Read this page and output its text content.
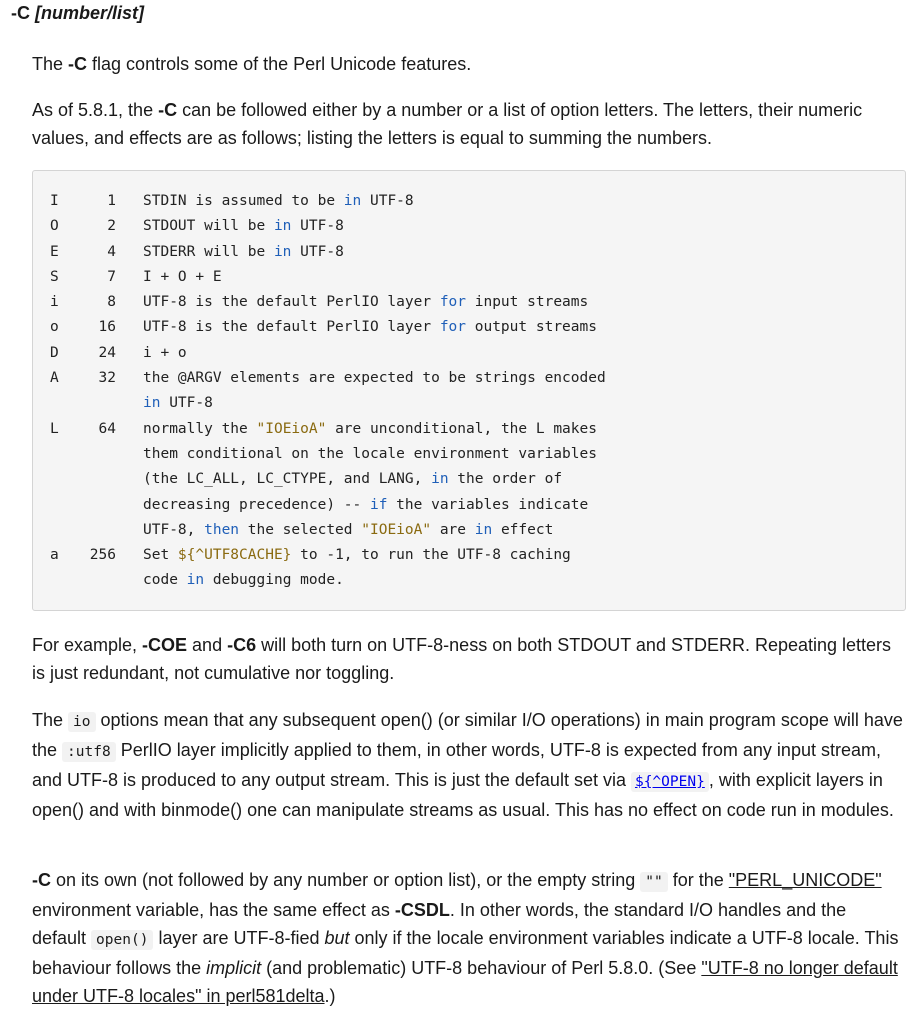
-C [number/list]

The -C flag controls some of the Perl Unicode features.

As of 5.8.1, the -C can be followed either by a number or a list of option letters. The letters, their numeric values, and effects are as follows; listing the letters is equal to summing the numbers.

I	1 STDIN is assumed to be in UTF-8
O	2 STDOUT will be in UTF-8
E	4 STDERR will be in UTF-8
S	7 I + O + E
i	8 UTF-8 is the default PerlIO layer for input streams
o	16 UTF-8 is the default PerlIO layer for output streams
D	24 i + o
A	32 the @ARGV elements are expected to be strings encoded
in UTF-8
L	64 normally the "IOEioA" are unconditional, the L makes
them conditional on the locale environment variables
(the LC_ALL, LC_CTYPE, and LANG, in the order of
decreasing precedence) -- if the variables indicate
UTF-8, then the selected "IOEioA" are in effect
a	256 Set ${^UTF8CACHE} to -1, to run the UTF-8 caching
code in debugging mode.

For example, -COE and -C6 will both turn on UTF-8-ness on both STDOUT and STDERR. Repeating letters is just redundant, not cumulative nor toggling.

The io options mean that any subsequent open() (or similar I/O operations) in main program scope will have the :utf8 PerlIO layer implicitly applied to them, in other words, UTF-8 is expected from any input stream, and UTF-8 is produced to any output stream. This is just the default set via ${^OPEN} , with explicit layers in open() and with binmode() one can manipulate streams as usual. This has no effect on code run in modules.

-C on its own (not followed by any number or option list), or the empty string "" for the "PERL_UNICODE" environment variable, has the same effect as -CSDL. In other words, the standard I/O handles and the default open() layer are UTF-8-fied but only if the locale environment variables indicate a UTF-8 locale. This behaviour follows the implicit (and problematic) UTF-8 behaviour of Perl 5.8.0. (See "UTF-8 no longer default under UTF-8 locales" in perl581delta.)
